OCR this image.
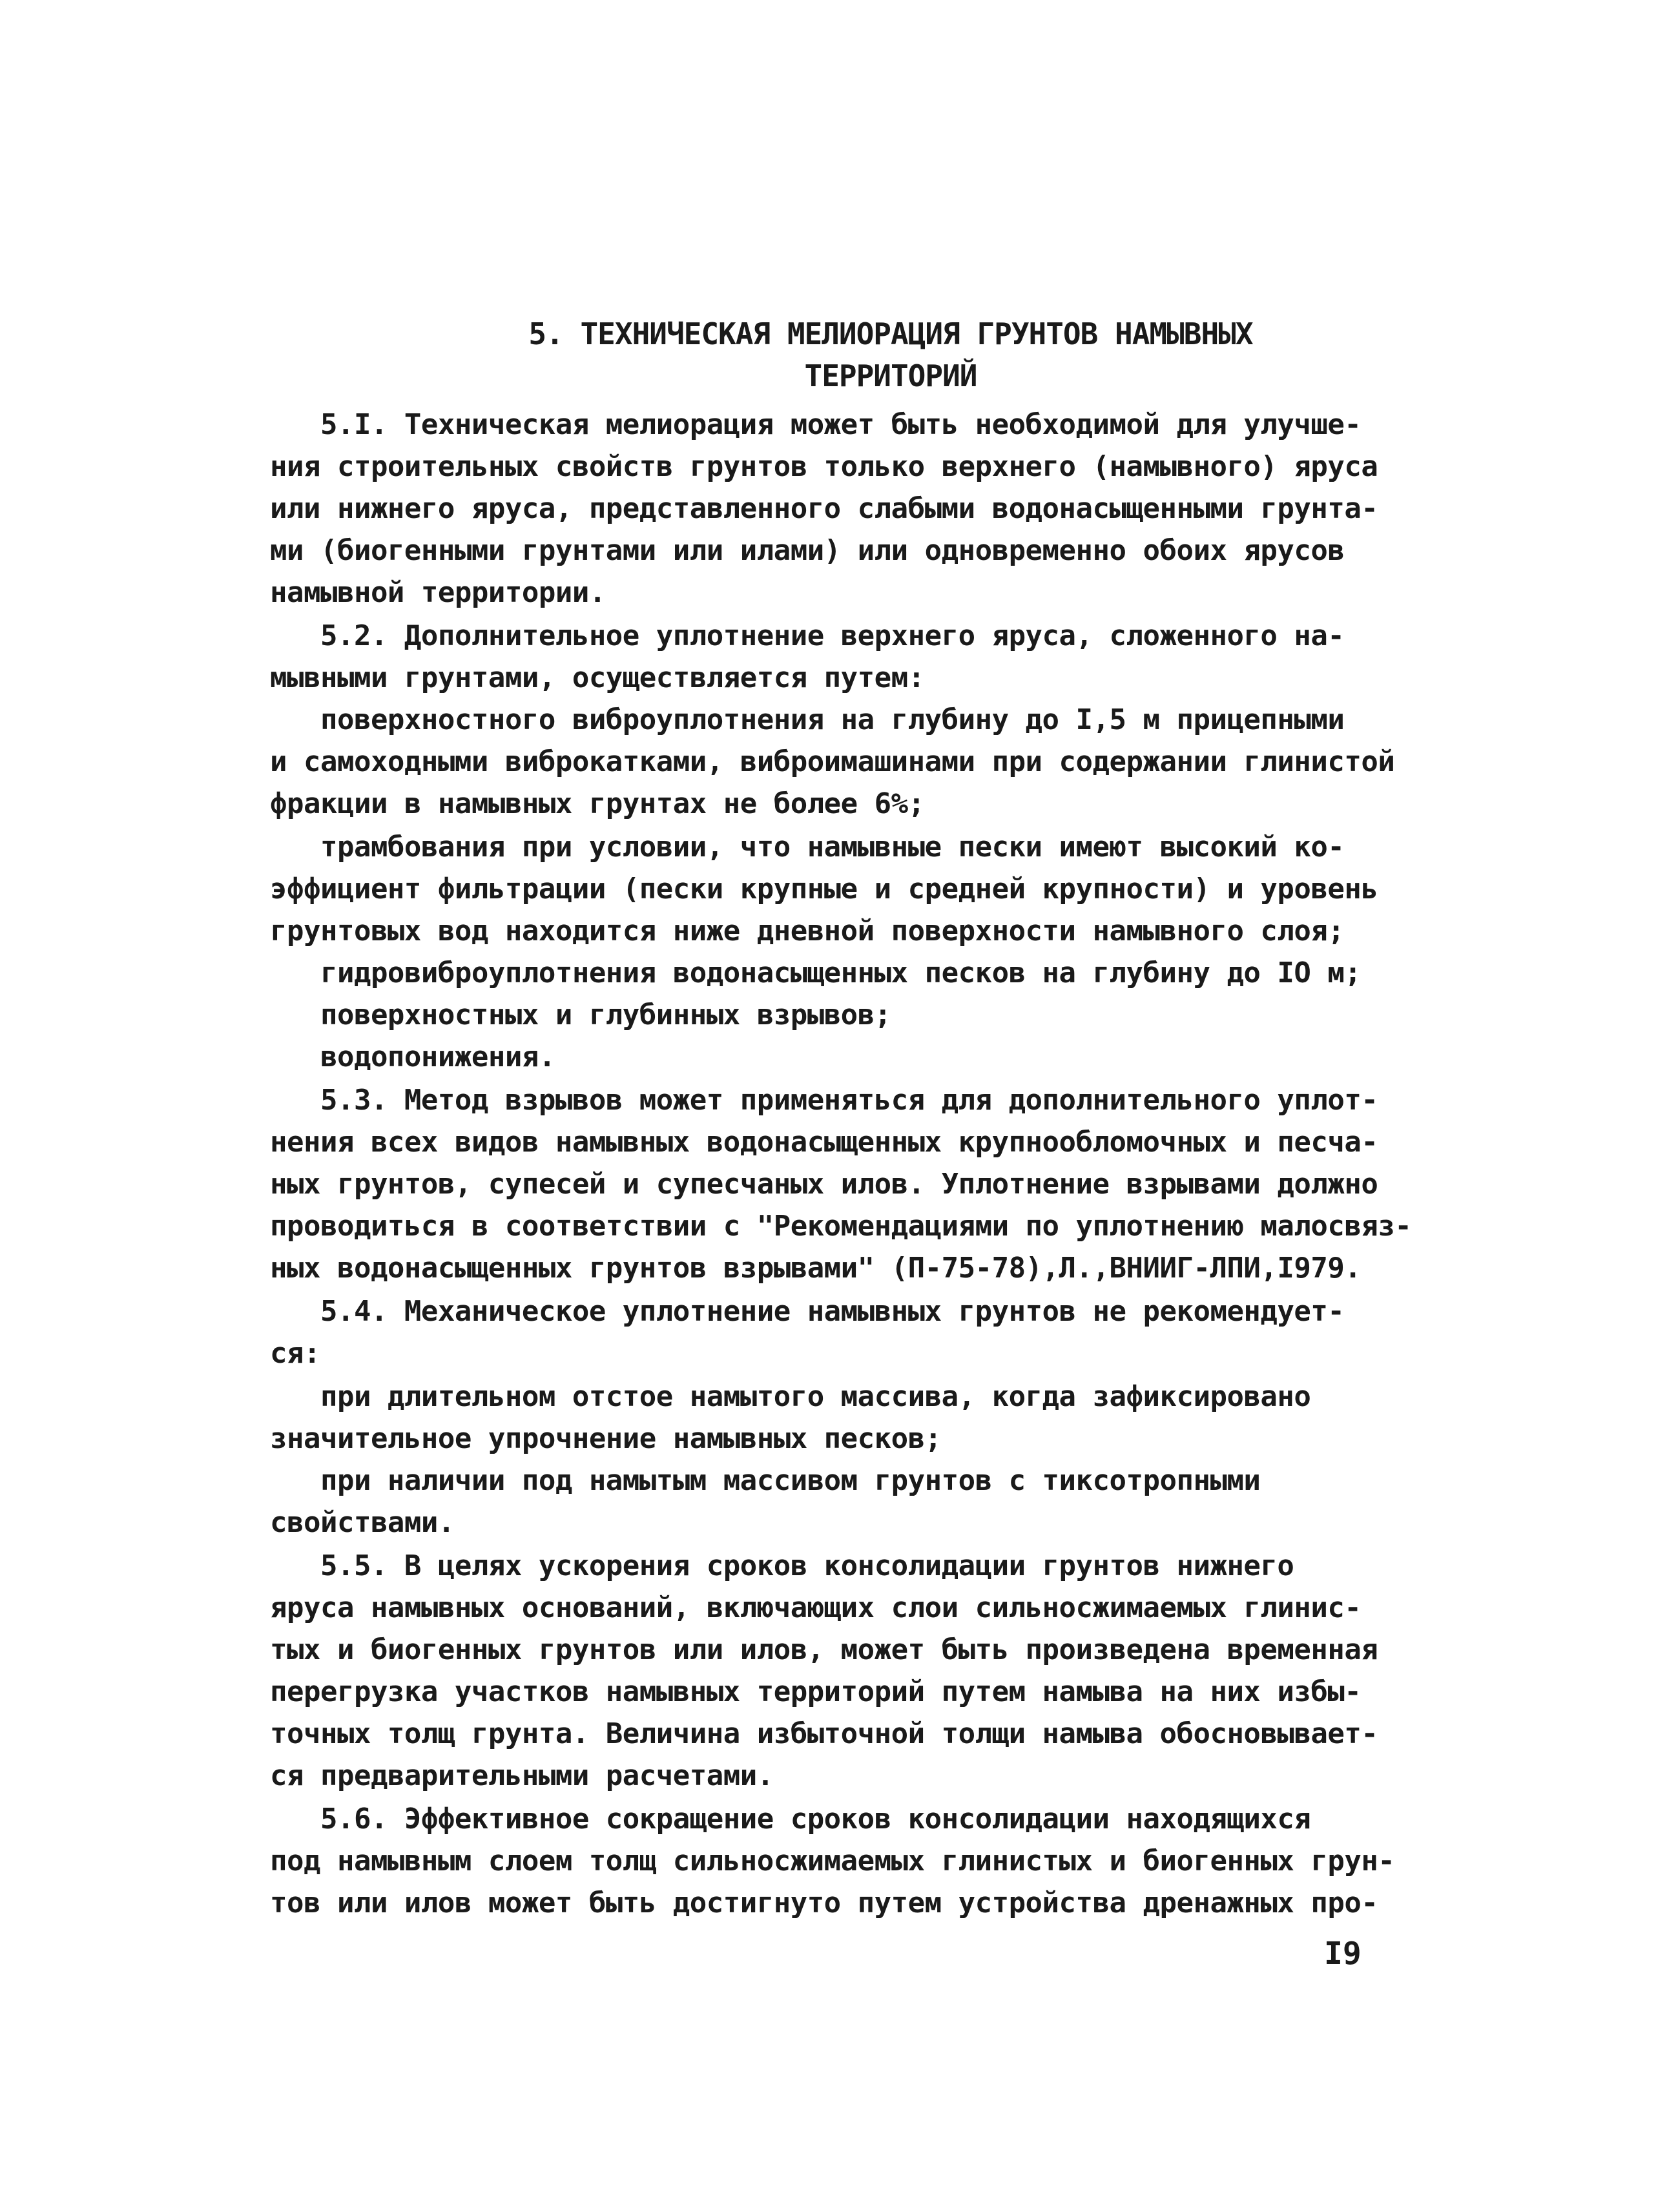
5. ТЕХНИЧЕСКАЯ МЕЛИОРАЦИЯ ГРУНТОВ НАМЫВНЫХ
ТЕРРИТОРИЙ
5.I. Техническая мелиорация может быть необходимой для улучше-
ния строительных свойств грунтов только верхнего (намывного) яруса
или нижнего яруса, представленного слабыми водонасыщенными грунта-
ми (биогенными грунтами или илами) или одновременно обоих ярусов
намывной территории.
5.2. Дополнительное уплотнение верхнего яруса, сложенного на-
мывными грунтами, осуществляется путем:
поверхностного виброуплотнения на глубину до I,5 м прицепными
и самоходными виброкатками, виброимашинами при содержании глинистой
фракции в намывных грунтах не более 6%;
трамбования при условии, что намывные пески имеют высокий ко-
эффициент фильтрации (пески крупные и средней крупности) и уровень
грунтовых вод находится ниже дневной поверхности намывного слоя;
гидровиброуплотнения водонасыщенных песков на глубину до IO м;
поверхностных и глубинных взрывов;
водопонижения.
5.3. Метод взрывов может применяться для дополнительного уплот-
нения всех видов намывных водонасыщенных крупнообломочных и песча-
ных грунтов, супесей и супесчаных илов. Уплотнение взрывами должно
проводиться в соответствии с "Рекомендациями по уплотнению малосвяз-
ных водонасыщенных грунтов взрывами" (П-75-78),Л.,ВНИИГ-ЛПИ,I979.
5.4. Механическое уплотнение намывных грунтов не рекомендует-
ся:
при длительном отстое намытого массива, когда зафиксировано
значительное упрочнение намывных песков;
при наличии под намытым массивом грунтов с тиксотропными
свойствами.
5.5. В целях ускорения сроков консолидации грунтов нижнего
яруса намывных оснований, включающих слои сильносжимаемых глинис-
тых и биогенных грунтов или илов, может быть произведена временная
перегрузка участков намывных территорий путем намыва на них избы-
точных толщ грунта. Величина избыточной толщи намыва обосновывает-
ся предварительными расчетами.
5.6. Эффективное сокращение сроков консолидации находящихся
под намывным слоем толщ сильносжимаемых глинистых и биогенных грун-
тов или илов может быть достигнуто путем устройства дренажных про-
I9
